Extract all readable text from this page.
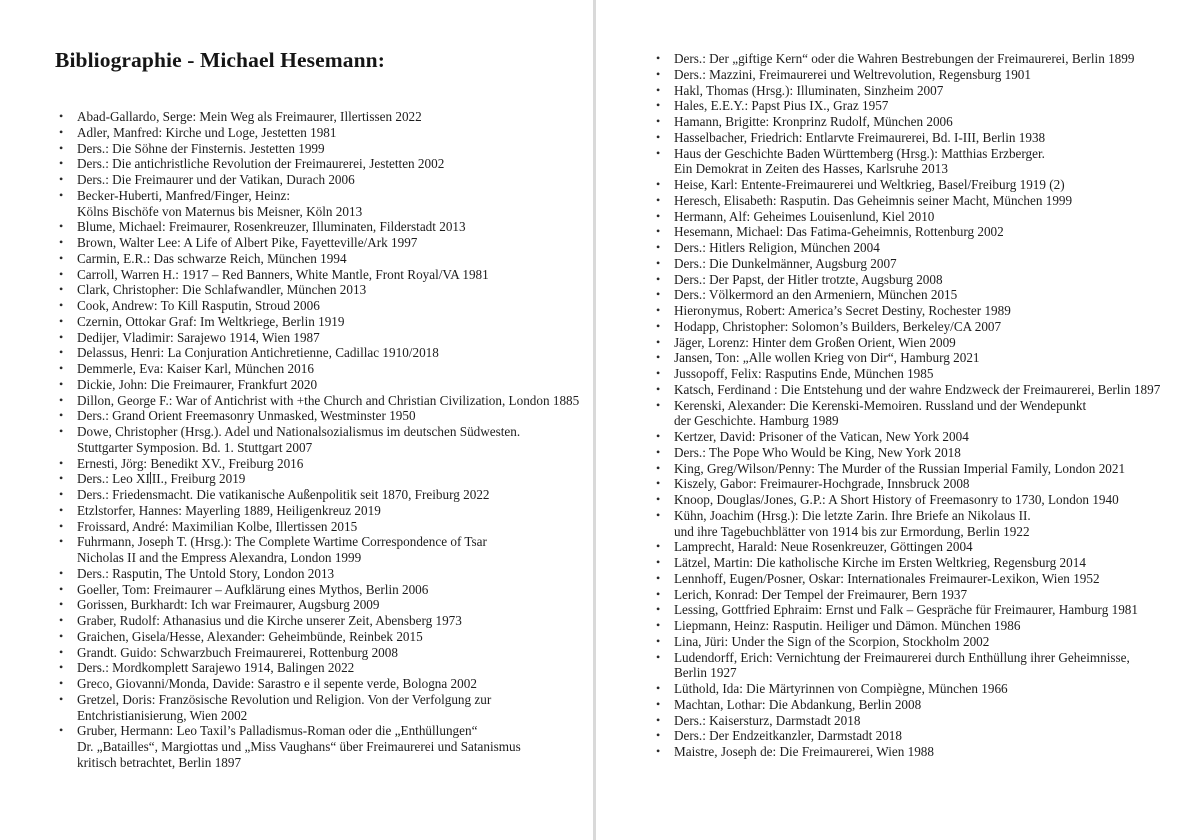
Bibliographie - Michael Hesemann:
• Abad-Gallardo, Serge: Mein Weg als Freimaurer, Illertissen 2022
• Adler, Manfred: Kirche und Loge, Jestetten 1981
• Ders.: Die Söhne der Finsternis. Jestetten 1999
• Ders.: Die antichristliche Revolution der Freimaurerei, Jestetten 2002
• Ders.: Die Freimaurer und der Vatikan, Durach 2006
• Becker-Huberti, Manfred/Finger, Heinz:
Kölns Bischöfe von Maternus bis Meisner, Köln 2013
• Blume, Michael: Freimaurer, Rosenkreuzer, Illuminaten, Filderstadt 2013
• Brown, Walter Lee: A Life of Albert Pike, Fayetteville/Ark 1997
• Carmin, E.R.: Das schwarze Reich, München 1994
• Carroll, Warren H.: 1917 – Red Banners, White Mantle, Front Royal/VA 1981
• Clark, Christopher: Die Schlafwandler, München 2013
• Cook, Andrew: To Kill Rasputin, Stroud 2006
• Czernin, Ottokar Graf: Im Weltkriege, Berlin 1919
• Dedijer, Vladimir: Sarajewo 1914, Wien 1987
• Delassus, Henri: La Conjuration Antichretienne, Cadillac 1910/2018
• Demmerle, Eva: Kaiser Karl, München 2016
• Dickie, John: Die Freimaurer, Frankfurt 2020
• Dillon, George F.: War of Antichrist with +the Church and Christian Civilization, London 1885
• Ders.: Grand Orient Freemasonry Unmasked, Westminster 1950
• Dowe, Christopher (Hrsg.). Adel und Nationalsozialismus im deutschen Südwesten.
Stuttgarter Symposion. Bd. 1. Stuttgart 2007
• Ernesti, Jörg: Benedikt XV., Freiburg 2016
• Ders.: Leo XI II., Freiburg 2019
• Ders.: Friedensmacht. Die vatikanische Außenpolitik seit 1870, Freiburg 2022
• Etzlstorfer, Hannes: Mayerling 1889, Heiligenkreuz 2019
• Froissard, André: Maximilian Kolbe, Illertissen 2015
• Fuhrmann, Joseph T. (Hrsg.): The Complete Wartime Correspondence of Tsar
Nicholas II and the Empress Alexandra, London 1999
• Ders.: Rasputin, The Untold Story, London 2013
• Goeller, Tom: Freimaurer – Aufklärung eines Mythos, Berlin 2006
• Gorissen, Burkhardt: Ich war Freimaurer, Augsburg 2009
• Graber, Rudolf: Athanasius und die Kirche unserer Zeit, Abensberg 1973
• Graichen, Gisela/Hesse, Alexander: Geheimbünde, Reinbek 2015
• Grandt. Guido: Schwarzbuch Freimaurerei, Rottenburg 2008
• Ders.: Mordkomplett Sarajewo 1914, Balingen 2022
• Greco, Giovanni/Monda, Davide: Sarastro e il sepente verde, Bologna 2002
• Gretzel, Doris: Französische Revolution und Religion. Von der Verfolgung zur
Entchristianisierung, Wien 2002
• Gruber, Hermann: Leo Taxil’s Palladismus-Roman oder die „Enthüllungen“
Dr. „Batailles“, Margiottas und „Miss Vaughans“ über Freimaurerei und Satanismus
kritisch betrachtet, Berlin 1897
• Ders.: Der „giftige Kern“ oder die Wahren Bestrebungen der Freimaurerei, Berlin 1899
• Ders.: Mazzini, Freimaurerei und Weltrevolution, Regensburg 1901
• Hakl, Thomas (Hrsg.): Illuminaten, Sinzheim 2007
• Hales, E.E.Y.: Papst Pius IX., Graz 1957
• Hamann, Brigitte: Kronprinz Rudolf, München 2006
• Hasselbacher, Friedrich: Entlarvte Freimaurerei, Bd. I-III, Berlin 1938
• Haus der Geschichte Baden Württemberg (Hrsg.): Matthias Erzberger.
Ein Demokrat in Zeiten des Hasses, Karlsruhe 2013
• Heise, Karl: Entente-Freimaurerei und Weltkrieg, Basel/Freiburg 1919 (2)
• Heresch, Elisabeth: Rasputin. Das Geheimnis seiner Macht, München 1999
• Hermann, Alf: Geheimes Louisenlund, Kiel 2010
• Hesemann, Michael: Das Fatima-Geheimnis, Rottenburg 2002
• Ders.: Hitlers Religion, München 2004
• Ders.: Die Dunkelmänner, Augsburg 2007
• Ders.: Der Papst, der Hitler trotzte, Augsburg 2008
• Ders.: Völkermord an den Armeniern, München 2015
• Hieronymus, Robert: America’s Secret Destiny, Rochester 1989
• Hodapp, Christopher: Solomon’s Builders, Berkeley/CA 2007
• Jäger, Lorenz: Hinter dem Großen Orient, Wien 2009
• Jansen, Ton: „Alle wollen Krieg von Dir“, Hamburg 2021
• Jussopoff, Felix: Rasputins Ende, München 1985
• Katsch, Ferdinand : Die Entstehung und der wahre Endzweck der Freimaurerei, Berlin 1897
• Kerenski, Alexander: Die Kerenski-Memoiren. Russland und der Wendepunkt
der Geschichte. Hamburg 1989
• Kertzer, David: Prisoner of the Vatican, New York 2004
• Ders.: The Pope Who Would be King, New York 2018
• King, Greg/Wilson/Penny: The Murder of the Russian Imperial Family, London 2021
• Kiszely, Gabor: Freimaurer-Hochgrade, Innsbruck 2008
• Knoop, Douglas/Jones, G.P.: A Short History of Freemasonry to 1730, London 1940
• Kühn, Joachim (Hrsg.): Die letzte Zarin. Ihre Briefe an Nikolaus II.
und ihre Tagebuchblätter von 1914 bis zur Ermordung, Berlin 1922
• Lamprecht, Harald: Neue Rosenkreuzer, Göttingen 2004
• Lätzel, Martin: Die katholische Kirche im Ersten Weltkrieg, Regensburg 2014
• Lennhoff, Eugen/Posner, Oskar: Internationales Freimaurer-Lexikon, Wien 1952
• Lerich, Konrad: Der Tempel der Freimaurer, Bern 1937
• Lessing, Gottfried Ephraim: Ernst und Falk – Gespräche für Freimaurer, Hamburg 1981
• Liepmann, Heinz: Rasputin. Heiliger und Dämon. München 1986
• Lina, Jüri: Under the Sign of the Scorpion, Stockholm 2002
• Ludendorff, Erich: Vernichtung der Freimaurerei durch Enthüllung ihrer Geheimnisse,
Berlin 1927
• Lüthold, Ida: Die Märtyrinnen von Compiègne, München 1966
• Machtan, Lothar: Die Abdankung, Berlin 2008
• Ders.: Kaisersturz, Darmstadt 2018
• Ders.: Der Endzeitkanzler, Darmstadt 2018
• Maistre, Joseph de: Die Freimaurerei, Wien 1988
